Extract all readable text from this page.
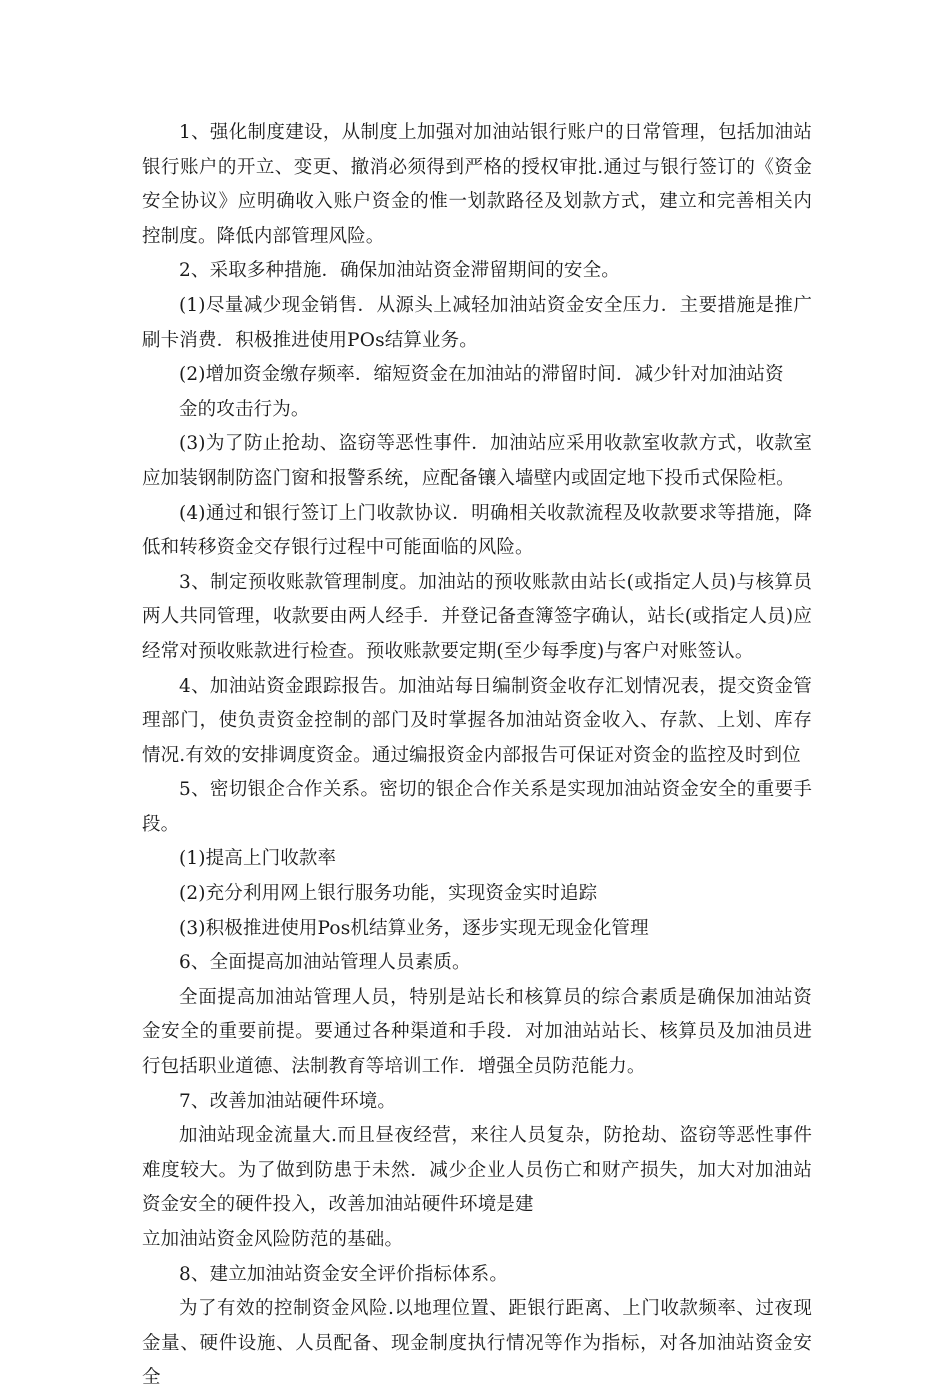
1、强化制度建设，从制度上加强对加油站银行账户的日常管理，包括加油站银行账户的开立、变更、撤消必须得到严格的授权审批.通过与银行签订的《资金安全协议》应明确收入账户资金的惟一划款路径及划款方式，建立和完善相关内控制度。降低内部管理风险。

2、采取多种措施．确保加油站资金滞留期间的安全。

(1)尽量减少现金销售．从源头上减轻加油站资金安全压力．主要措施是推广刷卡消费．积极推进使用POs结算业务。

(2)增加资金缴存频率．缩短资金在加油站的滞留时间．减少针对加油站资

金的攻击行为。

(3)为了防止抢劫、盗窃等恶性事件．加油站应采用收款室收款方式，收款室应加装钢制防盗门窗和报警系统，应配备镶入墙壁内或固定地下投币式保险柜。

(4)通过和银行签订上门收款协议．明确相关收款流程及收款要求等措施，降低和转移资金交存银行过程中可能面临的风险。

3、制定预收账款管理制度。加油站的预收账款由站长(或指定人员)与核算员两人共同管理，收款要由两人经手．并登记备查簿签字确认，站长(或指定人员)应经常对预收账款进行检查。预收账款要定期(至少每季度)与客户对账签认。

4、加油站资金跟踪报告。加油站每日编制资金收存汇划情况表，提交资金管理部门，使负责资金控制的部门及时掌握各加油站资金收入、存款、上划、库存情况.有效的安排调度资金。通过编报资金内部报告可保证对资金的监控及时到位

5、密切银企合作关系。密切的银企合作关系是实现加油站资金安全的重要手段。

(1)提高上门收款率

(2)充分利用网上银行服务功能，实现资金实时追踪

(3)积极推进使用Pos机结算业务，逐步实现无现金化管理

6、全面提高加油站管理人员素质。

全面提高加油站管理人员，特别是站长和核算员的综合素质是确保加油站资金安全的重要前提。要通过各种渠道和手段．对加油站站长、核算员及加油员进行包括职业道德、法制教育等培训工作．增强全员防范能力。

7、改善加油站硬件环境。

加油站现金流量大.而且昼夜经营，来往人员复杂，防抢劫、盗窃等恶性事件难度较大。为了做到防患于未然．减少企业人员伤亡和财产损失，加大对加油站资金安全的硬件投入，改善加油站硬件环境是建

立加油站资金风险防范的基础。

8、建立加油站资金安全评价指标体系。

为了有效的控制资金风险.以地理位置、距银行距离、上门收款频率、过夜现金量、硬件设施、人员配备、现金制度执行情况等作为指标，对各加油站资金安全
